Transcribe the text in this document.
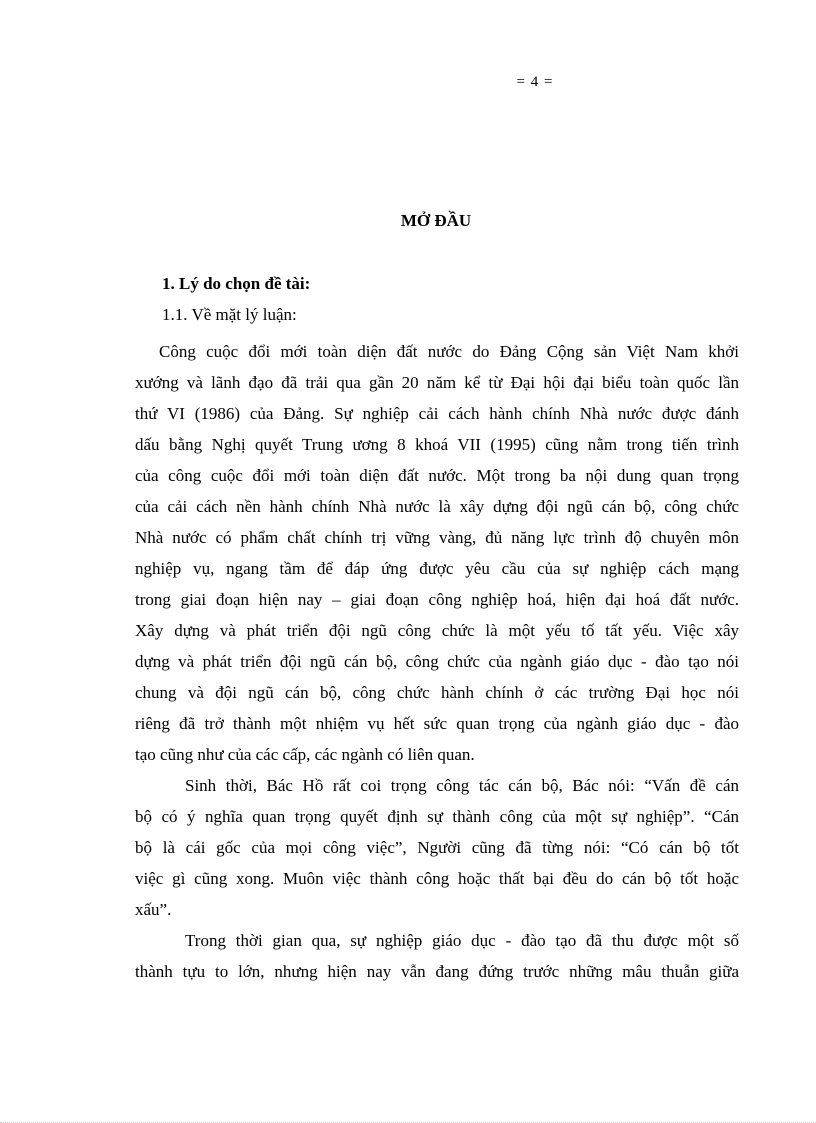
= 4 =
MỞ ĐẦU
1. Lý do chọn đề tài:
1.1. Về mặt lý luận:
Công cuộc đổi mới toàn diện đất nước do Đảng Cộng sản Việt Nam khởi
xướng và lãnh đạo đã trải qua gần 20 năm kể từ Đại hội đại biểu toàn quốc lần
thứ VI (1986) của Đảng. Sự nghiệp cải cách hành chính Nhà nước được đánh
dấu bằng Nghị quyết Trung ương 8 khoá VII (1995) cũng nằm trong tiến trình
của công cuộc đổi mới toàn diện đất nước. Một trong ba nội dung quan trọng
của cải cách nền hành chính Nhà nước là xây dựng đội ngũ cán bộ, công chức
Nhà nước có phẩm chất chính trị vững vàng, đủ năng lực trình độ chuyên môn
nghiệp vụ, ngang tầm để đáp ứng được yêu cầu của sự nghiệp cách mạng
trong giai đoạn hiện nay – giai đoạn công nghiệp hoá, hiện đại hoá đất nước.
Xây dựng và phát triển đội ngũ công chức là một yếu tố tất yếu. Việc xây
dựng và phát triển đội ngũ cán bộ, công chức của ngành giáo dục - đào tạo nói
chung và đội ngũ cán bộ, công chức hành chính ở các trường Đại học nói
riêng đã trở thành một nhiệm vụ hết sức quan trọng của ngành giáo dục - đào
tạo cũng như của các cấp, các ngành có liên quan.
Sinh thời, Bác Hồ rất coi trọng công tác cán bộ, Bác nói: “Vấn đề cán
bộ có ý nghĩa quan trọng quyết định sự thành công của một sự nghiệp”. “Cán
bộ là cái gốc của mọi công việc”, Người cũng đã từng nói: “Có cán bộ tốt
việc gì cũng xong. Muôn việc thành công hoặc thất bại đều do cán bộ tốt hoặc
xấu”.
Trong thời gian qua, sự nghiệp giáo dục - đào tạo đã thu được một số
thành tựu to lớn, nhưng hiện nay vẫn đang đứng trước những mâu thuẫn giữa
